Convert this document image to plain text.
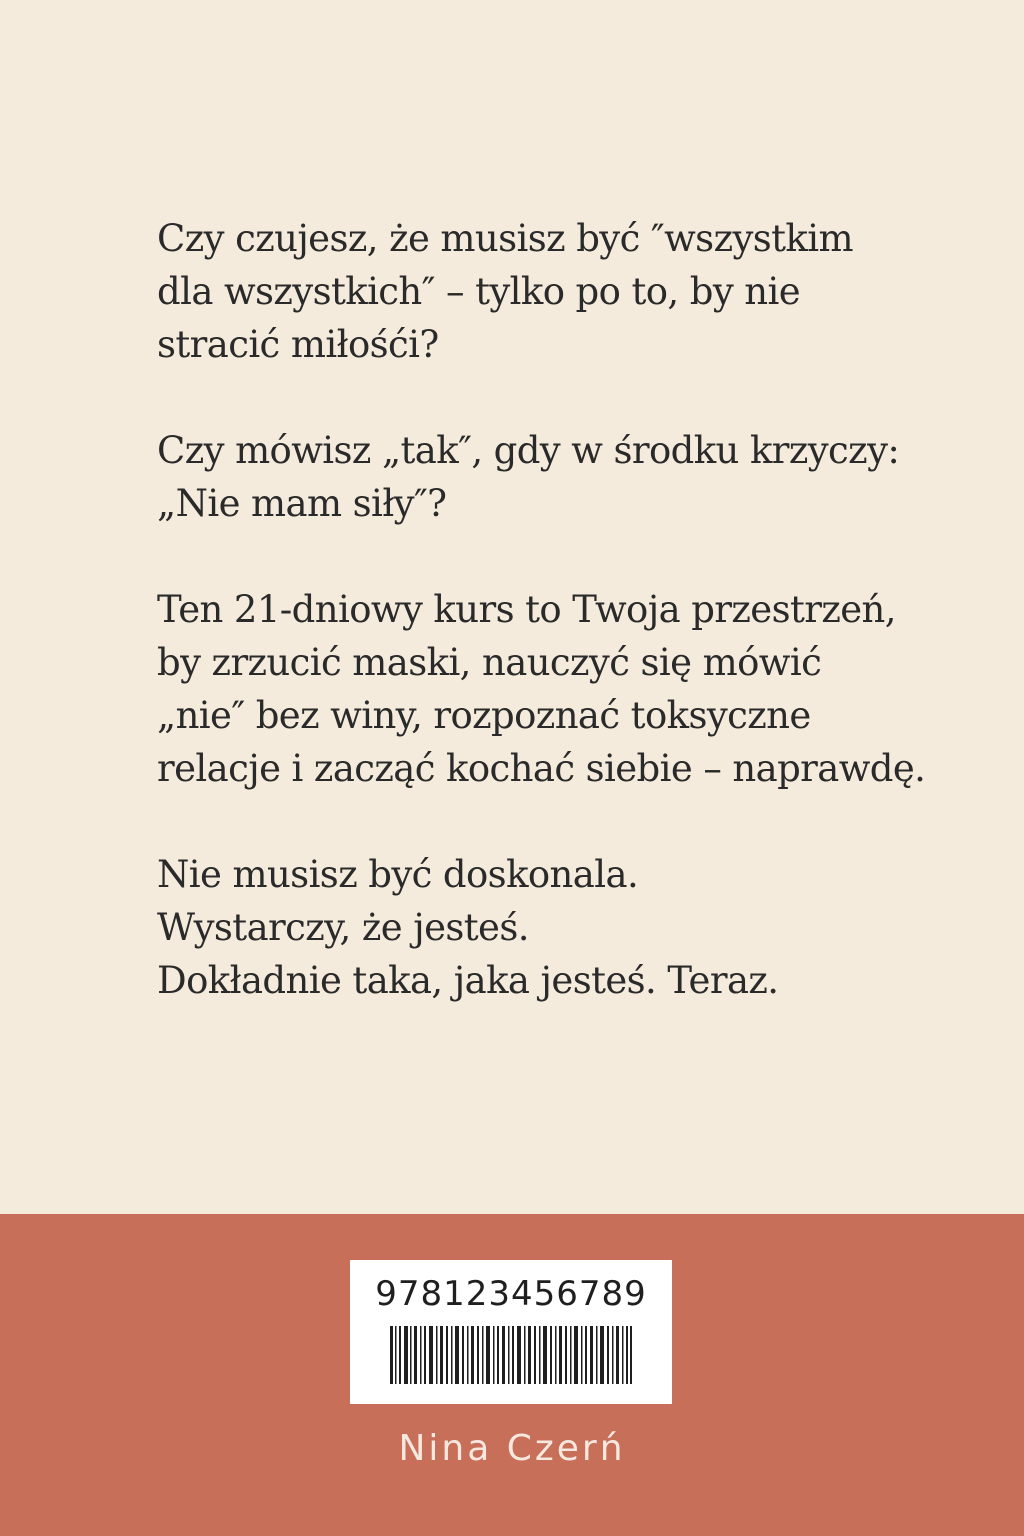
Czy czujesz, że musisz być ″wszystkim
dla wszystkich″ – tylko po to, by nie
stracić miłośći?

Czy mówisz „tak″, gdy w środku krzyczy:
„Nie mam siły″?

Ten 21-dniowy kurs to Twoja przestrzeń,
by zrzucić maski, nauczyć się mówić
„nie″ bez winy, rozpoznać toksyczne
relacje i zacząć kochać siebie – naprawdę.

Nie musisz być doskonala.
Wystarczy, że jesteś.
Dokładnie taka, jaka jesteś. Teraz.

978123456789
Nina Czerń
